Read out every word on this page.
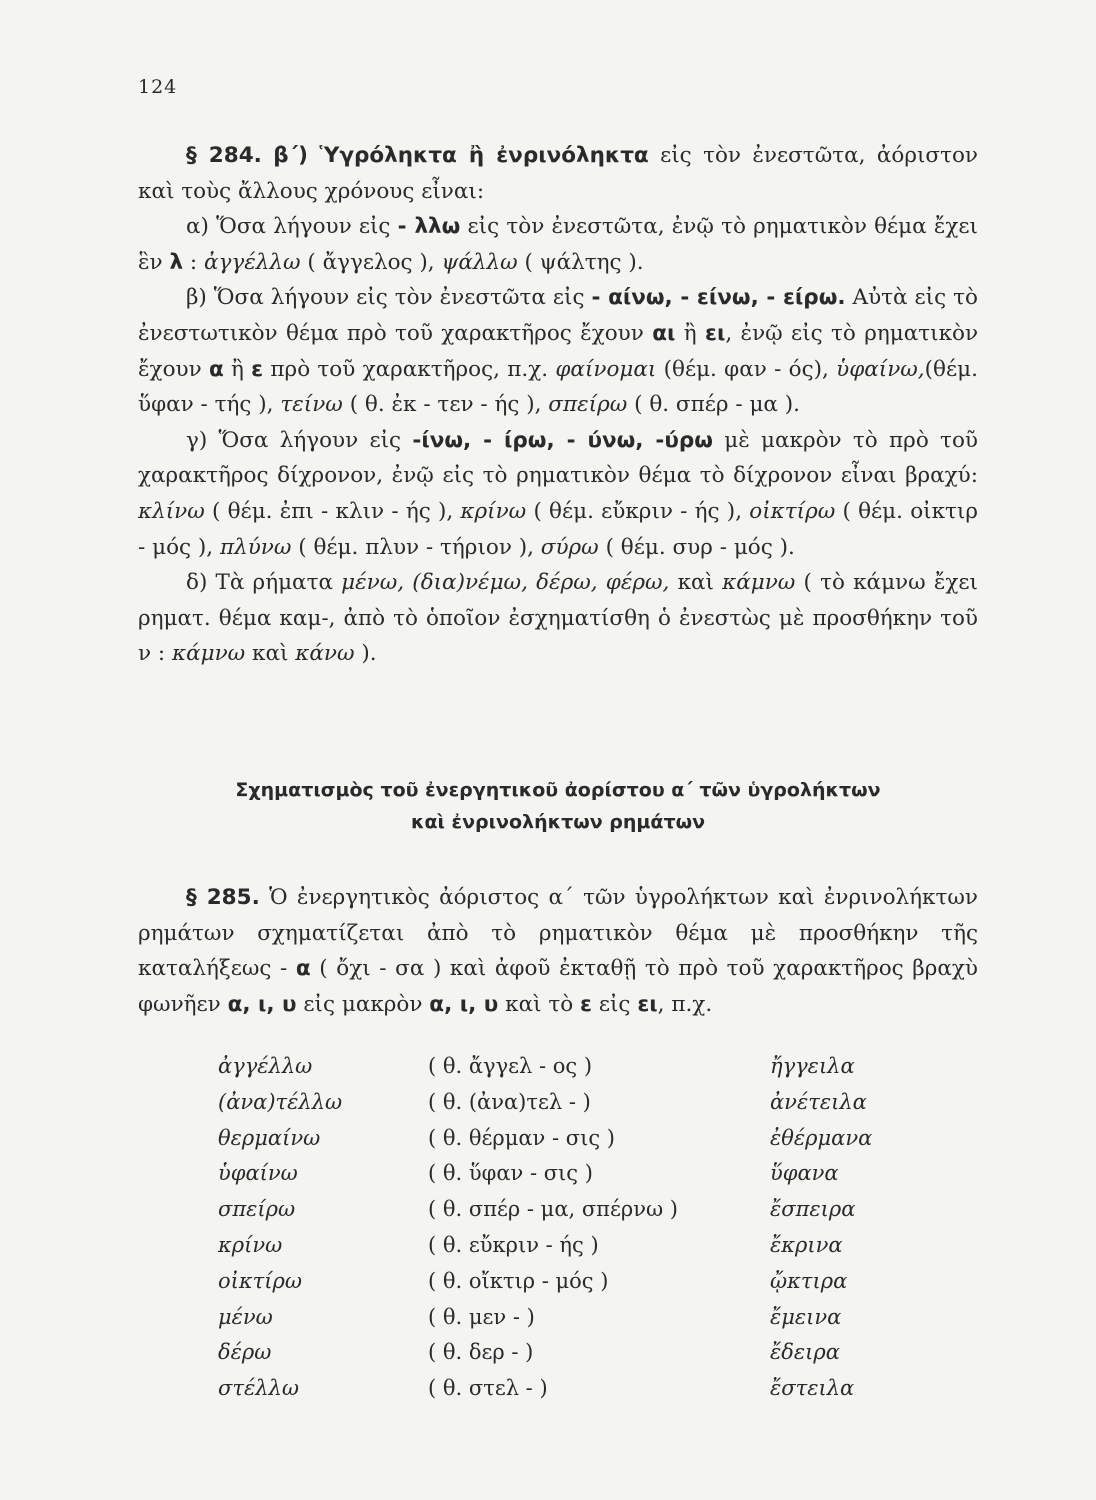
124

§ 284. β΄) Ὑγρόληκτα ἢ ἐνρινόληκτα εἰς τὸν ἐνεστῶτα, ἀόριστον καὶ τοὺς ἄλλους χρόνους εἶναι:

α) Ὅσα λήγουν εἰς - λλω εἰς τὸν ἐνεστῶτα, ἐνῷ τὸ ρηματικὸν θέμα ἔχει ἓν λ : ἀγγέλλω ( ἄγγελος ), ψάλλω ( ψάλτης ).

β) Ὅσα λήγουν εἰς τὸν ἐνεστῶτα εἰς - αίνω, - είνω, - είρω. Αὐτὰ εἰς τὸ ἐνεστωτικὸν θέμα πρὸ τοῦ χαρακτῆρος ἔχουν αι ἢ ει, ἐνῷ εἰς τὸ ρηματικὸν ἔχουν α ἢ ε πρὸ τοῦ χαρακτῆρος, π.χ. φαίνομαι (θέμ. φαν - ός), ὑφαίνω,(θέμ. ὕφαν - τής ), τείνω ( θ. ἐκ - τεν - ής ), σπείρω ( θ. σπέρ - μα ).

γ) Ὅσα λήγουν εἰς -ίνω, - ίρω, - ύνω, -ύρω μὲ μακρὸν τὸ πρὸ τοῦ χαρακτῆρος δίχρονον, ἐνῷ εἰς τὸ ρηματικὸν θέμα τὸ δίχρονον εἶναι βραχύ: κλίνω ( θέμ. ἐπι - κλιν - ής ), κρίνω ( θέμ. εὔκριν - ής ), οἰκτίρω ( θέμ. οἰκτιρ - μός ), πλύνω ( θέμ. πλυν - τήριον ), σύρω ( θέμ. συρ - μός ).

δ) Τὰ ρήματα μένω, (δια)νέμω, δέρω, φέρω, καὶ κάμνω ( τὸ κάμνω ἔχει ρηματ. θέμα καμ-, ἀπὸ τὸ ὁποῖον ἐσχηματίσθη ὁ ἐνεστὼς μὲ προσθήκην τοῦ ν : κάμνω καὶ κάνω ).

Σχηματισμὸς τοῦ ἐνεργητικοῦ ἀορίστου α΄ τῶν ὑγρολήκτων
καὶ ἐνρινολήκτων ρημάτων

§ 285. Ὁ ἐνεργητικὸς ἀόριστος α΄ τῶν ὑγρολήκτων καὶ ἐνρινολήκτων ρημάτων σχηματίζεται ἀπὸ τὸ ρηματικὸν θέμα μὲ προσθήκην τῆς καταλήξεως - α ( ὄχι - σα ) καὶ ἀφοῦ ἐκταθῇ τὸ πρὸ τοῦ χαρακτῆρος βραχὺ φωνῆεν α, ι, υ εἰς μακρὸν α, ι, υ καὶ τὸ ε εἰς ει, π.χ.

ἀγγέλλω	( θ. ἄγγελ - ος )	ἤγγειλα
(ἀνα)τέλλω	( θ. (ἀνα)τελ - )	ἀνέτειλα
θερμαίνω	( θ. θέρμαν - σις )	ἐθέρμανα
ὑφαίνω	( θ. ὕφαν - σις )	ὕφανα
σπείρω	( θ. σπέρ - μα, σπέρνω )	ἔσπειρα
κρίνω	( θ. εὔκριν - ής )	ἔκρινα
οἰκτίρω	( θ. οἴκτιρ - μός )	ᾤκτιρα
μένω	( θ. μεν - )	ἔμεινα
δέρω	( θ. δερ - )	ἔδειρα
στέλλω	( θ. στελ - )	ἔστειλα
